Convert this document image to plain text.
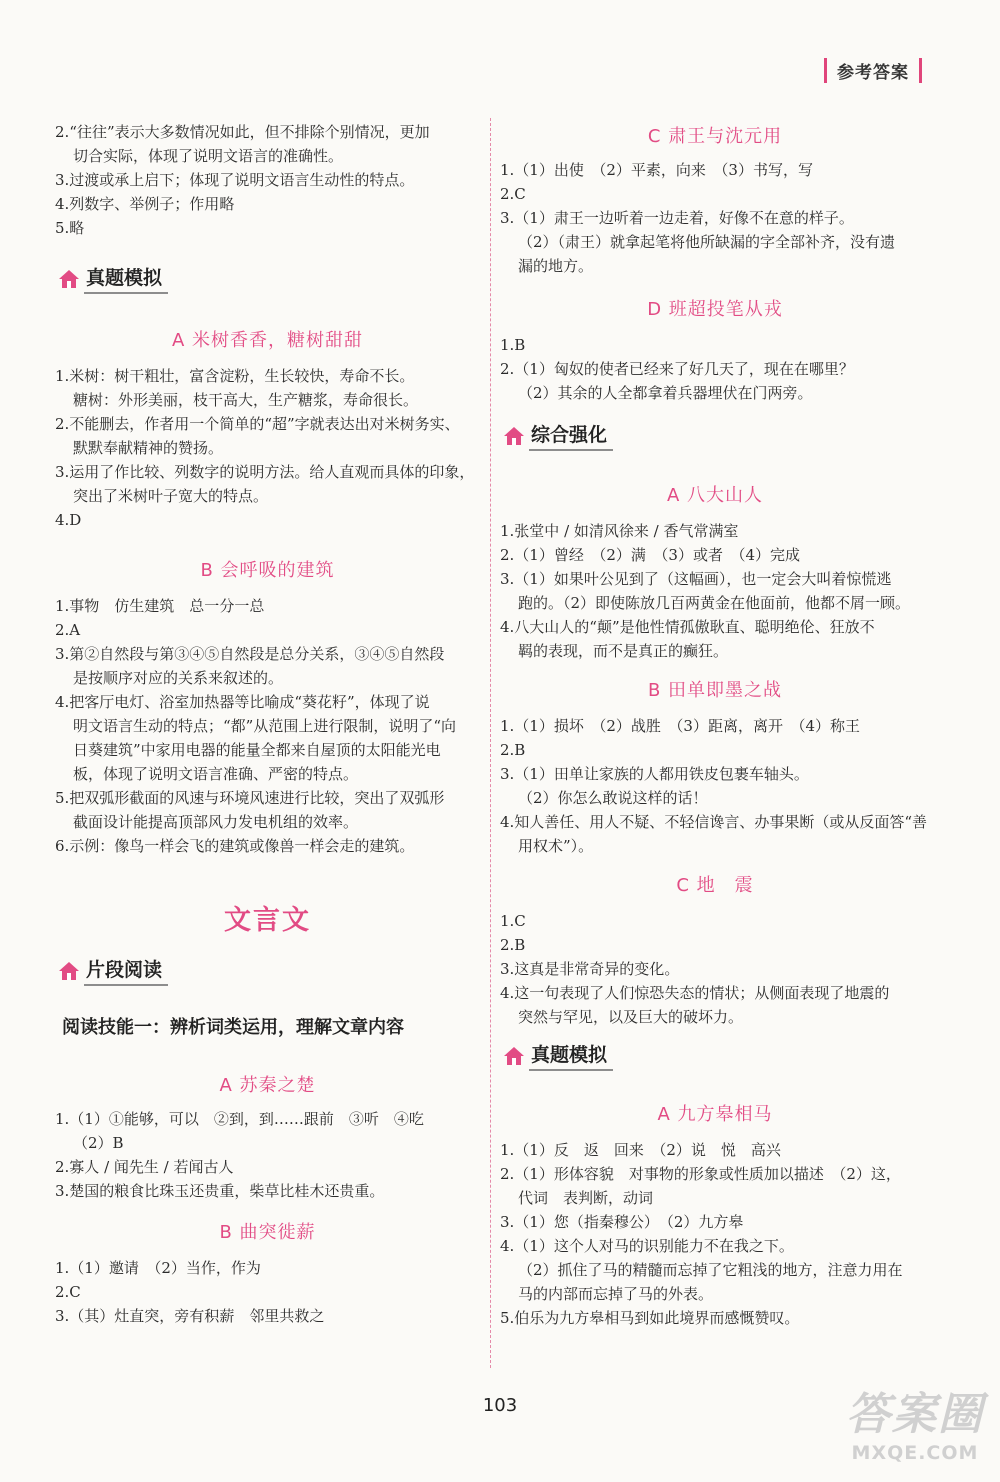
参考答案

2.“往往”表示大多数情况如此，但不排除个别情况，更加

切合实际，体现了说明文语言的准确性。

3.过渡或承上启下；体现了说明文语言生动性的特点。

4.列数字、举例子；作用略

5.略

真题模拟
A 米树香香，糖树甜甜

1.米树：树干粗壮，富含淀粉，生长较快，寿命不长。

糖树：外形美丽，枝干高大，生产糖浆，寿命很长。

2.不能删去，作者用一个简单的“超”字就表达出对米树务实、

默默奉献精神的赞扬。

3.运用了作比较、列数字的说明方法。给人直观而具体的印象，

突出了米树叶子宽大的特点。

4.D

B 会呼吸的建筑

1.事物　仿生建筑　总一分一总

2.A

3.第②自然段与第③④⑤自然段是总分关系，③④⑤自然段

是按顺序对应的关系来叙述的。

4.把客厅电灯、浴室加热器等比喻成“葵花籽”，体现了说

明文语言生动的特点；“都”从范围上进行限制，说明了“向

日葵建筑”中家用电器的能量全都来自屋顶的太阳能光电

板，体现了说明文语言准确、严密的特点。

5.把双弧形截面的风速与环境风速进行比较，突出了双弧形

截面设计能提高顶部风力发电机组的效率。

6.示例：像鸟一样会飞的建筑或像兽一样会走的建筑。

文言文
片段阅读
阅读技能一：辨析词类运用，理解文章内容
A 苏秦之楚

1.（1）①能够，可以　②到，到……跟前　③听　④吃

（2）B

2.寡人 / 闻先生 / 若闻古人

3.楚国的粮食比珠玉还贵重，柴草比桂木还贵重。

B 曲突徙薪

1.（1）邀请　（2）当作，作为

2.C

3.（其）灶直突，旁有积薪　邻里共救之

C 肃王与沈元用

1.（1）出使　（2）平素，向来　（3）书写，写

2.C

3.（1）肃王一边听着一边走着，好像不在意的样子。

（2）（肃王）就拿起笔将他所缺漏的字全部补齐，没有遗

漏的地方。

D 班超投笔从戎

1.B

2.（1）匈奴的使者已经来了好几天了，现在在哪里？

（2）其余的人全都拿着兵器埋伏在门两旁。

综合强化
A 八大山人

1.张堂中 / 如清风徐来 / 香气常满室

2.（1）曾经　（2）满　（3）或者　（4）完成

3.（1）如果叶公见到了（这幅画），也一定会大叫着惊慌逃

跑的。（2）即使陈放几百两黄金在他面前，他都不屑一顾。

4.八大山人的“颠”是他性情孤傲耿直、聪明绝伦、狂放不

羁的表现，而不是真正的癫狂。

B 田单即墨之战

1.（1）损坏　（2）战胜　（3）距离，离开　（4）称王

2.B

3.（1）田单让家族的人都用铁皮包裹车轴头。

（2）你怎么敢说这样的话！

4.知人善任、用人不疑、不轻信谗言、办事果断（或从反面答“善

用权术”）。

C 地　震

1.C

2.B

3.这真是非常奇异的变化。

4.这一句表现了人们惊恐失态的情状；从侧面表现了地震的

突然与罕见，以及巨大的破坏力。

真题模拟
A 九方皋相马

1.（1）反　返　回来　（2）说　悦　高兴

2.（1）形体容貌　对事物的形象或性质加以描述　（2）这，

代词　表判断，动词

3.（1）您（指秦穆公）　（2）九方皋

4.（1）这个人对马的识别能力不在我之下。

（2）抓住了马的精髓而忘掉了它粗浅的地方，注意力用在

马的内部而忘掉了马的外表。

5.伯乐为九方皋相马到如此境界而感慨赞叹。

103	答案圈
MXQE.COM
